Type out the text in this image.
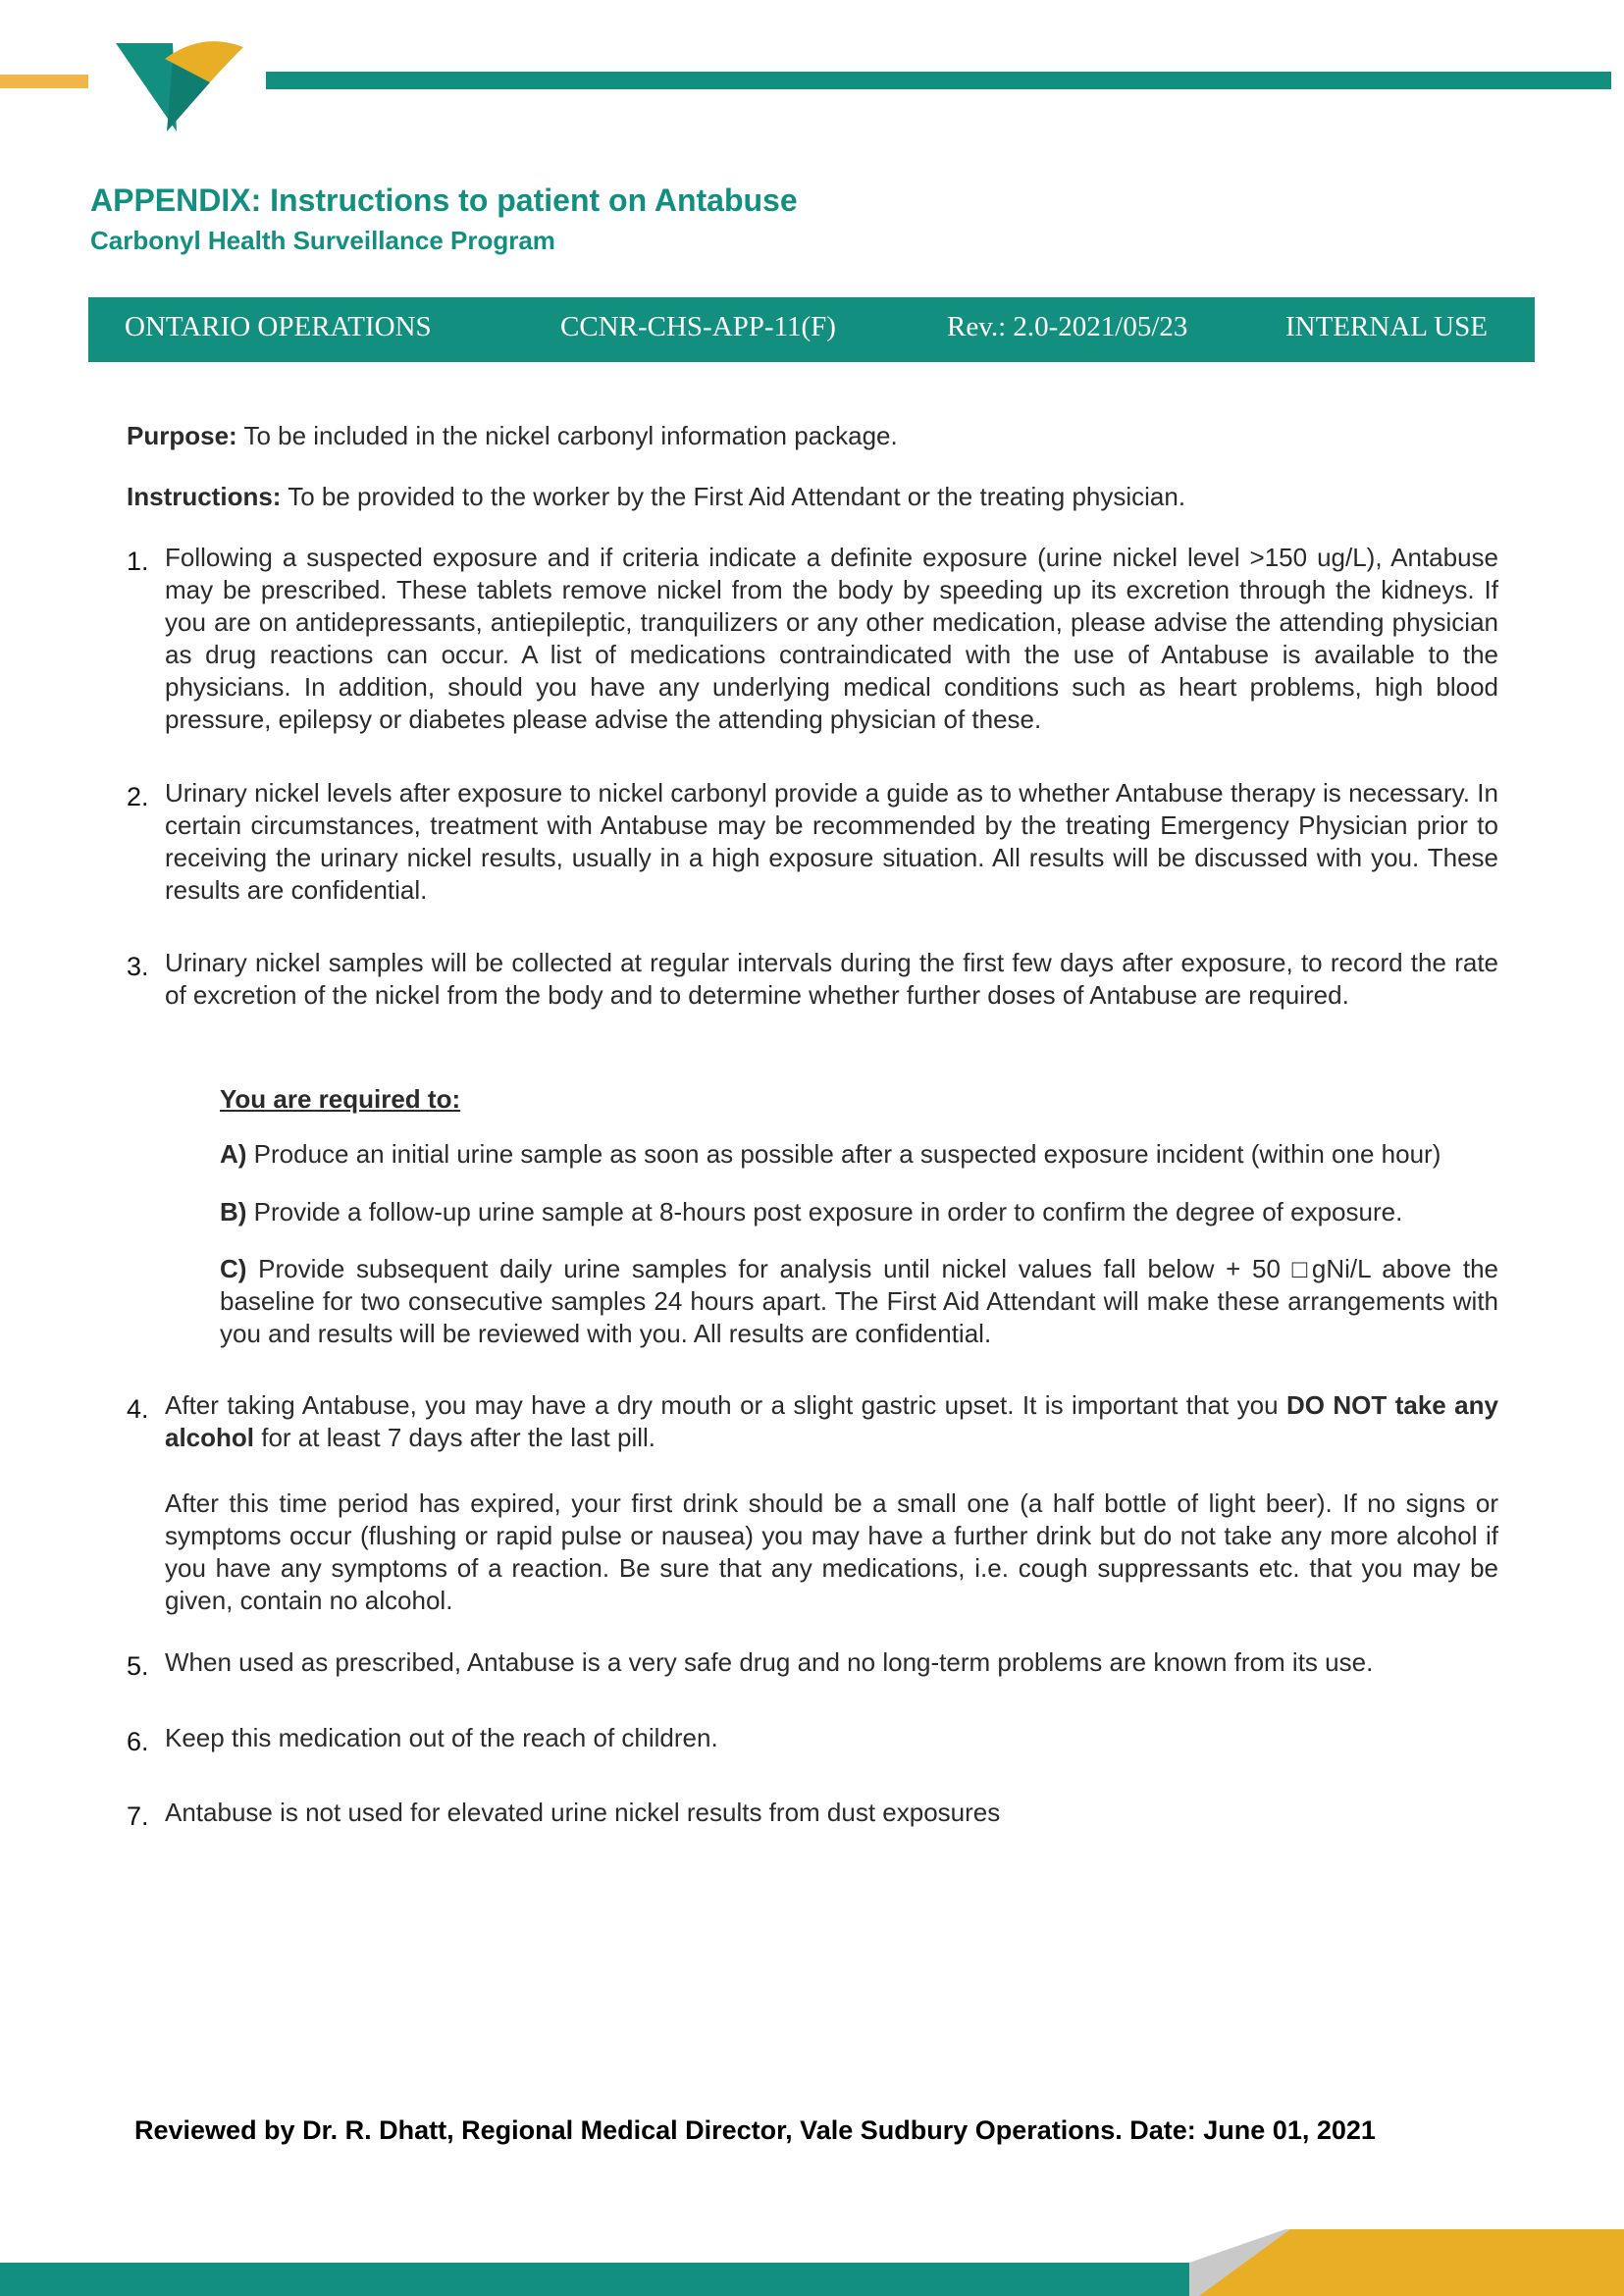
APPENDIX: Instructions to patient on Antabuse
Carbonyl Health Surveillance Program
ONTARIO OPERATIONS	CCNR-CHS-APP-11(F)	Rev.: 2.0-2021/05/23	INTERNAL USE
Purpose: To be included in the nickel carbonyl information package.
Instructions: To be provided to the worker by the First Aid Attendant or the treating physician.
1. Following a suspected exposure and if criteria indicate a definite exposure (urine nickel level >150 ug/L), Antabuse may be prescribed. These tablets remove nickel from the body by speeding up its excretion through the kidneys. If you are on antidepressants, antiepileptic, tranquilizers or any other medication, please advise the attending physician as drug reactions can occur. A list of medications contraindicated with the use of Antabuse is available to the physicians. In addition, should you have any underlying medical conditions such as heart problems, high blood pressure, epilepsy or diabetes please advise the attending physician of these.
2. Urinary nickel levels after exposure to nickel carbonyl provide a guide as to whether Antabuse therapy is necessary. In certain circumstances, treatment with Antabuse may be recommended by the treating Emergency Physician prior to receiving the urinary nickel results, usually in a high exposure situation. All results will be discussed with you. These results are confidential.
3. Urinary nickel samples will be collected at regular intervals during the first few days after exposure, to record the rate of excretion of the nickel from the body and to determine whether further doses of Antabuse are required.
You are required to:
A) Produce an initial urine sample as soon as possible after a suspected exposure incident (within one hour)
B) Provide a follow-up urine sample at 8-hours post exposure in order to confirm the degree of exposure.
C) Provide subsequent daily urine samples for analysis until nickel values fall below + 50 □gNi/L above the baseline for two consecutive samples 24 hours apart. The First Aid Attendant will make these arrangements with you and results will be reviewed with you. All results are confidential.
4. After taking Antabuse, you may have a dry mouth or a slight gastric upset. It is important that you DO NOT take any alcohol for at least 7 days after the last pill.
After this time period has expired, your first drink should be a small one (a half bottle of light beer). If no signs or symptoms occur (flushing or rapid pulse or nausea) you may have a further drink but do not take any more alcohol if you have any symptoms of a reaction. Be sure that any medications, i.e. cough suppressants etc. that you may be given, contain no alcohol.
5. When used as prescribed, Antabuse is a very safe drug and no long-term problems are known from its use.
6. Keep this medication out of the reach of children.
7. Antabuse is not used for elevated urine nickel results from dust exposures
Reviewed by Dr. R. Dhatt, Regional Medical Director, Vale Sudbury Operations. Date: June 01, 2021
